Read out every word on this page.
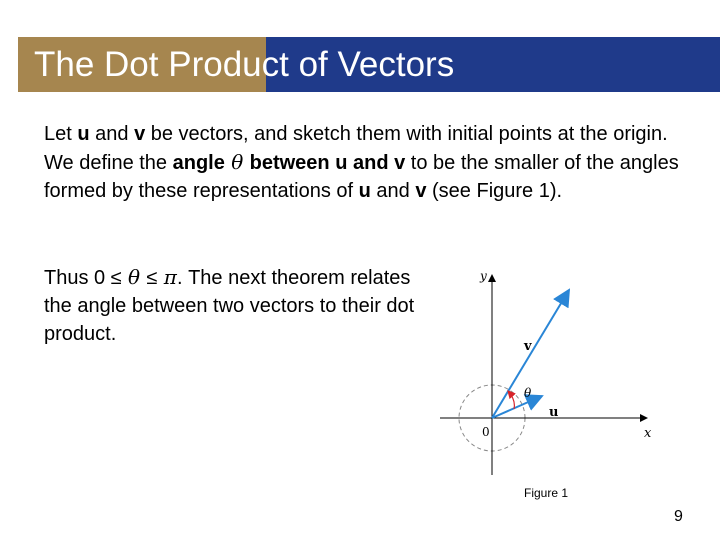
The Dot Product of Vectors
Let u and v be vectors, and sketch them with initial points at the origin. We define the angle θ between u and v to be the smaller of the angles formed by these representations of u and v (see Figure 1).
Thus 0 ≤ θ ≤ π. The next theorem relates the angle between two vectors to their dot product.
y
x
0
v
u
θ
Figure 1
9
